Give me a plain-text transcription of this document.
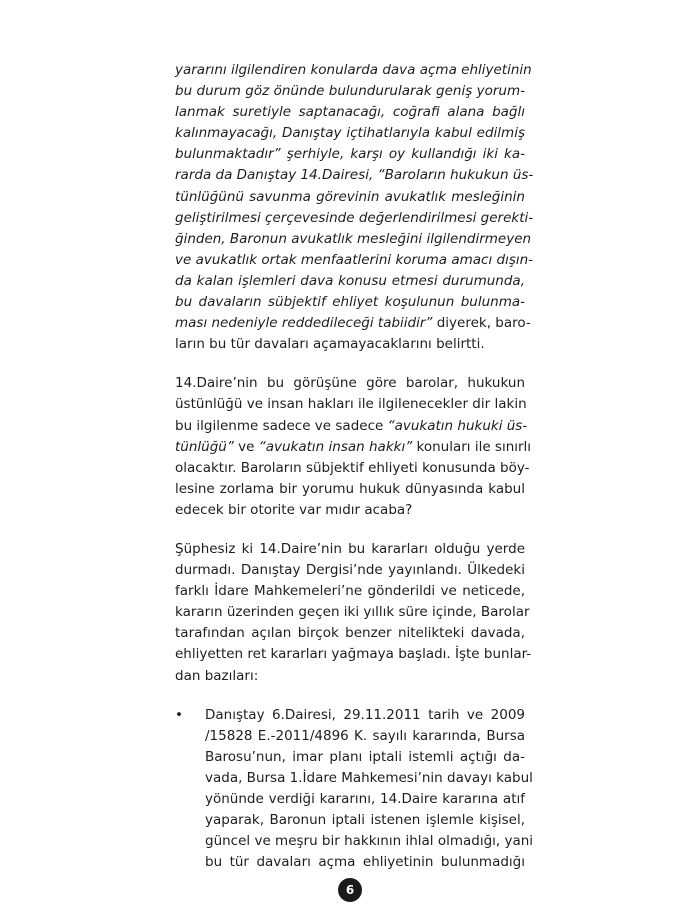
yararını ilgilendiren konularda dava açma ehliyetinin
bu durum göz önünde bulundurularak geniş yorum-
lanmak suretiyle saptanacağı, coğrafi alana bağlı
kalınmayacağı, Danıştay içtihatlarıyla kabul edilmiş
bulunmaktadır” şerhiyle, karşı oy kullandığı iki ka-
rarda da Danıştay 14.Dairesi, “Baroların hukukun üs-
tünlüğünü savunma görevinin avukatlık mesleğinin
geliştirilmesi çerçevesinde değerlendirilmesi gerekti-
ğinden, Baronun avukatlık mesleğini ilgilendirmeyen
ve avukatlık ortak menfaatlerini koruma amacı dışın-
da kalan işlemleri dava konusu etmesi durumunda,
bu davaların sübjektif ehliyet koşulunun bulunma-
ması nedeniyle reddedileceği tabiidir” diyerek, baro-
ların bu tür davaları açamayacaklarını belirtti.
14.Daire’nin bu görüşüne göre barolar, hukukun
üstünlüğü ve insan hakları ile ilgilenecekler dir lakin
bu ilgilenme sadece ve sadece “avukatın hukuki üs-
tünlüğü” ve “avukatın insan hakkı” konuları ile sınırlı
olacaktır. Baroların sübjektif ehliyeti konusunda böy-
lesine zorlama bir yorumu hukuk dünyasında kabul
edecek bir otorite var mıdır acaba?
Şüphesiz ki 14.Daire’nin bu kararları olduğu yerde
durmadı. Danıştay Dergisi’nde yayınlandı. Ülkedeki
farklı İdare Mahkemeleri’ne gönderildi ve neticede,
kararın üzerinden geçen iki yıllık süre içinde, Barolar
tarafından açılan birçok benzer nitelikteki davada,
ehliyetten ret kararları yağmaya başladı. İşte bunlar-
dan bazıları:
• Danıştay 6.Dairesi, 29.11.2011 tarih ve 2009
/15828 E.-2011/4896 K. sayılı kararında, Bursa
Barosu’nun, imar planı iptali istemli açtığı da-
vada, Bursa 1.İdare Mahkemesi’nin davayı kabul
yönünde verdiği kararını, 14.Daire kararına atıf
yaparak, Baronun iptali istenen işlemle kişisel,
güncel ve meşru bir hakkının ihlal olmadığı, yani
bu tür davaları açma ehliyetinin bulunmadığı
6
